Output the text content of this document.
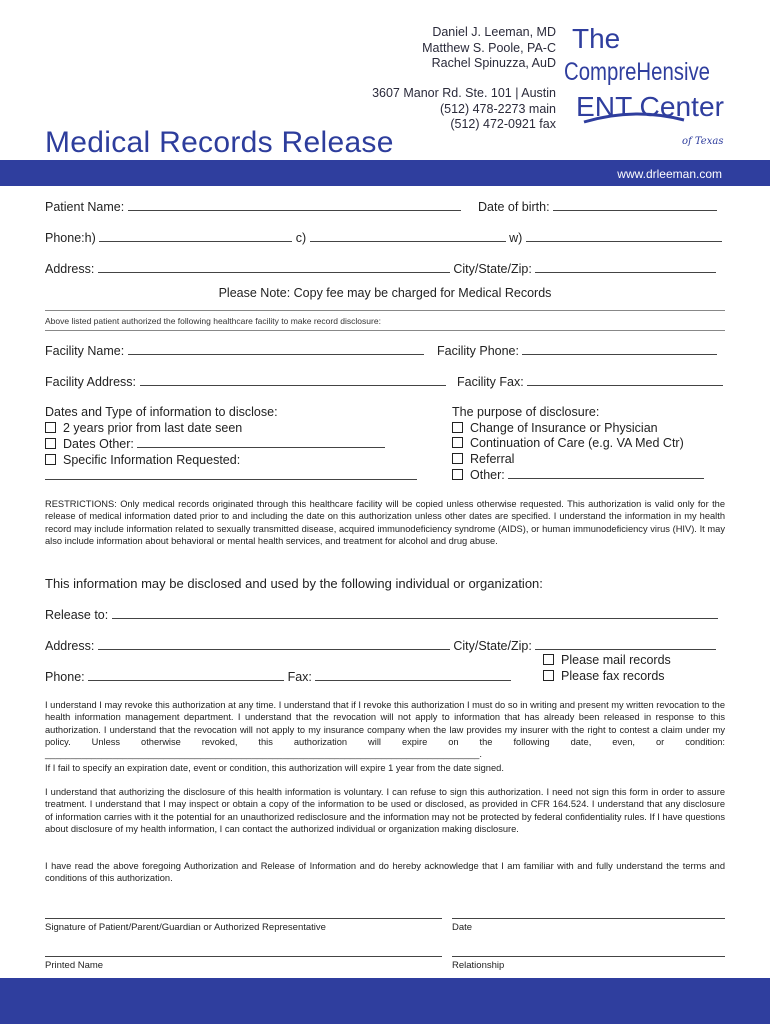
Daniel J. Leeman, MD
Matthew S. Poole, PA-C
Rachel Spinuzza, AuD
3607 Manor Rd. Ste. 101 | Austin
(512) 478-2273 main
(512) 472-0921 fax
The
CompreHensive
ENT Center
of Texas
Medical Records Release
www.drleeman.com
Patient Name:	Date of birth:
Phone:h)	c)	w)
Address:	City/State/Zip:
Please Note: Copy fee may be charged for Medical Records
Above listed patient authorized the following healthcare facility to make record disclosure:
Facility Name:	Facility Phone:
Facility Address:	Facility Fax:
Dates and Type of information to disclose:
2 years prior from last date seen
Dates Other:
Specific Information Requested:
The purpose of disclosure:
Change of Insurance or Physician
Continuation of Care (e.g. VA Med Ctr)
Referral
Other:
RESTRICTIONS: Only medical records originated through this healthcare facility will be copied unless otherwise requested. This authorization is valid only for the release of medical information dated prior to and including the date on this authorization unless other dates are specified. I understand the information in my health record may include information related to sexually transmitted disease, acquired immunodeficiency syndrome (AIDS), or human immunodeficiency virus (HIV). It may also include information about behavioral or mental health services, and treatment for alcohol and drug abuse.
This information may be disclosed and used by the following individual or organization:
Release to:
Address:	City/State/Zip:
Phone:	Fax:
Please mail records
Please fax records
I understand I may revoke this authorization at any time. I understand that if I revoke this authorization I must do so in writing and present my written revocation to the health information management department. I understand that the revocation will not apply to information that has already been released in response to this authorization. I understand that the revocation will not apply to my insurance company when the law provides my insurer with the right to contest a claim under my policy. Unless otherwise revoked, this authorization will expire on the following date, even, or condition: ____________________________________________________________________________________.
If I fail to specify an expiration date, event or condition, this authorization will expire 1 year from the date signed.
I understand that authorizing the disclosure of this health information is voluntary. I can refuse to sign this authorization. I need not sign this form in order to assure treatment. I understand that I may inspect or obtain a copy of the information to be used or disclosed, as provided in CFR 164.524. I understand that any disclosure of information carries with it the potential for an unauthorized redisclosure and the information may not be protected by federal confidentiality rules. If I have questions about disclosure of my health information, I can contact the authorized individual or organization making disclosure.
I have read the above foregoing Authorization and Release of Information and do hereby acknowledge that I am familiar with and fully understand the terms and conditions of this authorization.
Signature of Patient/Parent/Guardian or Authorized Representative	Date
Printed Name	Relationship
